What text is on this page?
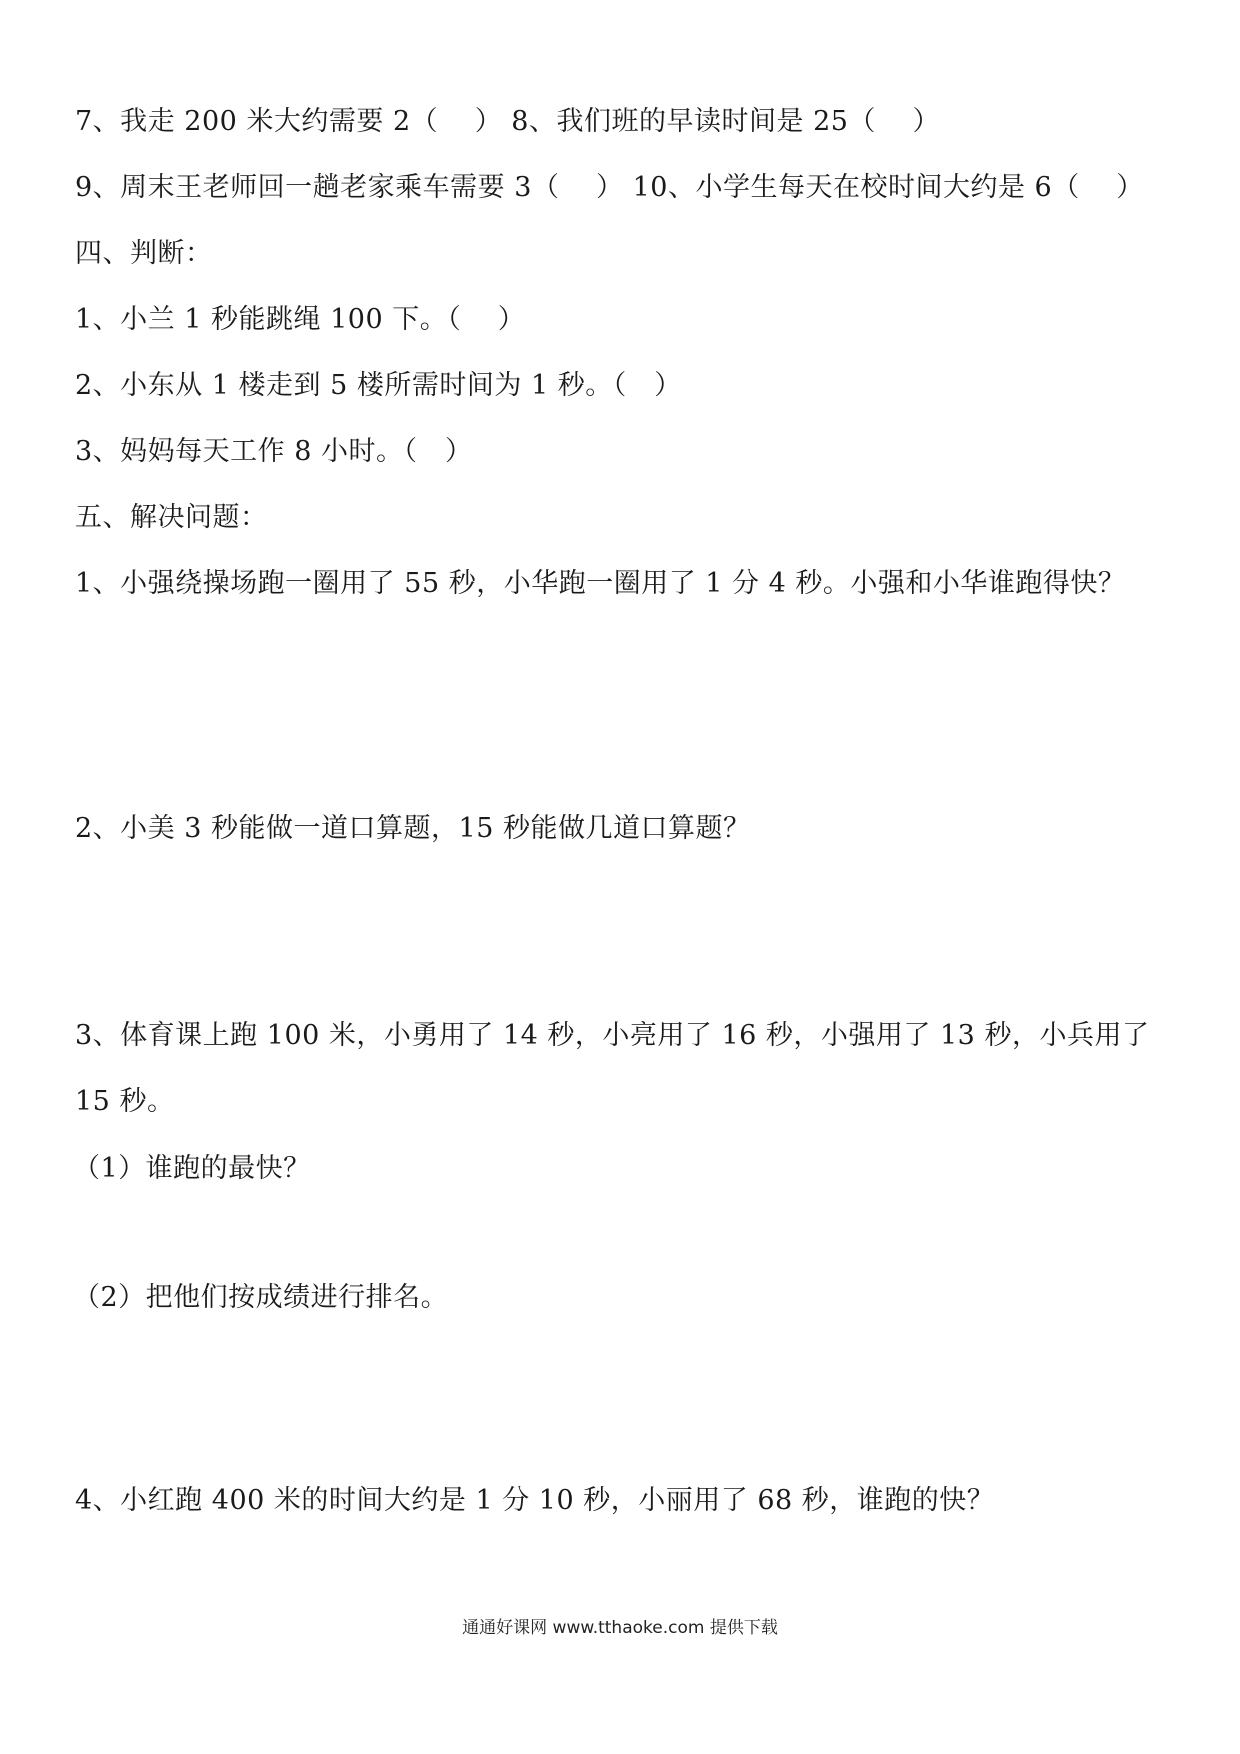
7、我走 200 米大约需要 2（　 ） 8、我们班的早读时间是 25（　 ）
9、周末王老师回一趟老家乘车需要 3（　 ） 10、小学生每天在校时间大约是 6（　 ）
四、判断：
1、小兰 1 秒能跳绳 100 下。（　 ）
2、小东从 1 楼走到 5 楼所需时间为 1 秒。（　）
3、妈妈每天工作 8 小时。（　）
五、解决问题：
1、小强绕操场跑一圈用了 55 秒，小华跑一圈用了 1 分 4 秒。小强和小华谁跑得快？
2、小美 3 秒能做一道口算题，15 秒能做几道口算题？
3、体育课上跑 100 米，小勇用了 14 秒，小亮用了 16 秒，小强用了 13 秒，小兵用了
15 秒。
（1）谁跑的最快？
（2）把他们按成绩进行排名。
4、小红跑 400 米的时间大约是 1 分 10 秒，小丽用了 68 秒，谁跑的快？
通通好课网 www.tthaoke.com 提供下载
